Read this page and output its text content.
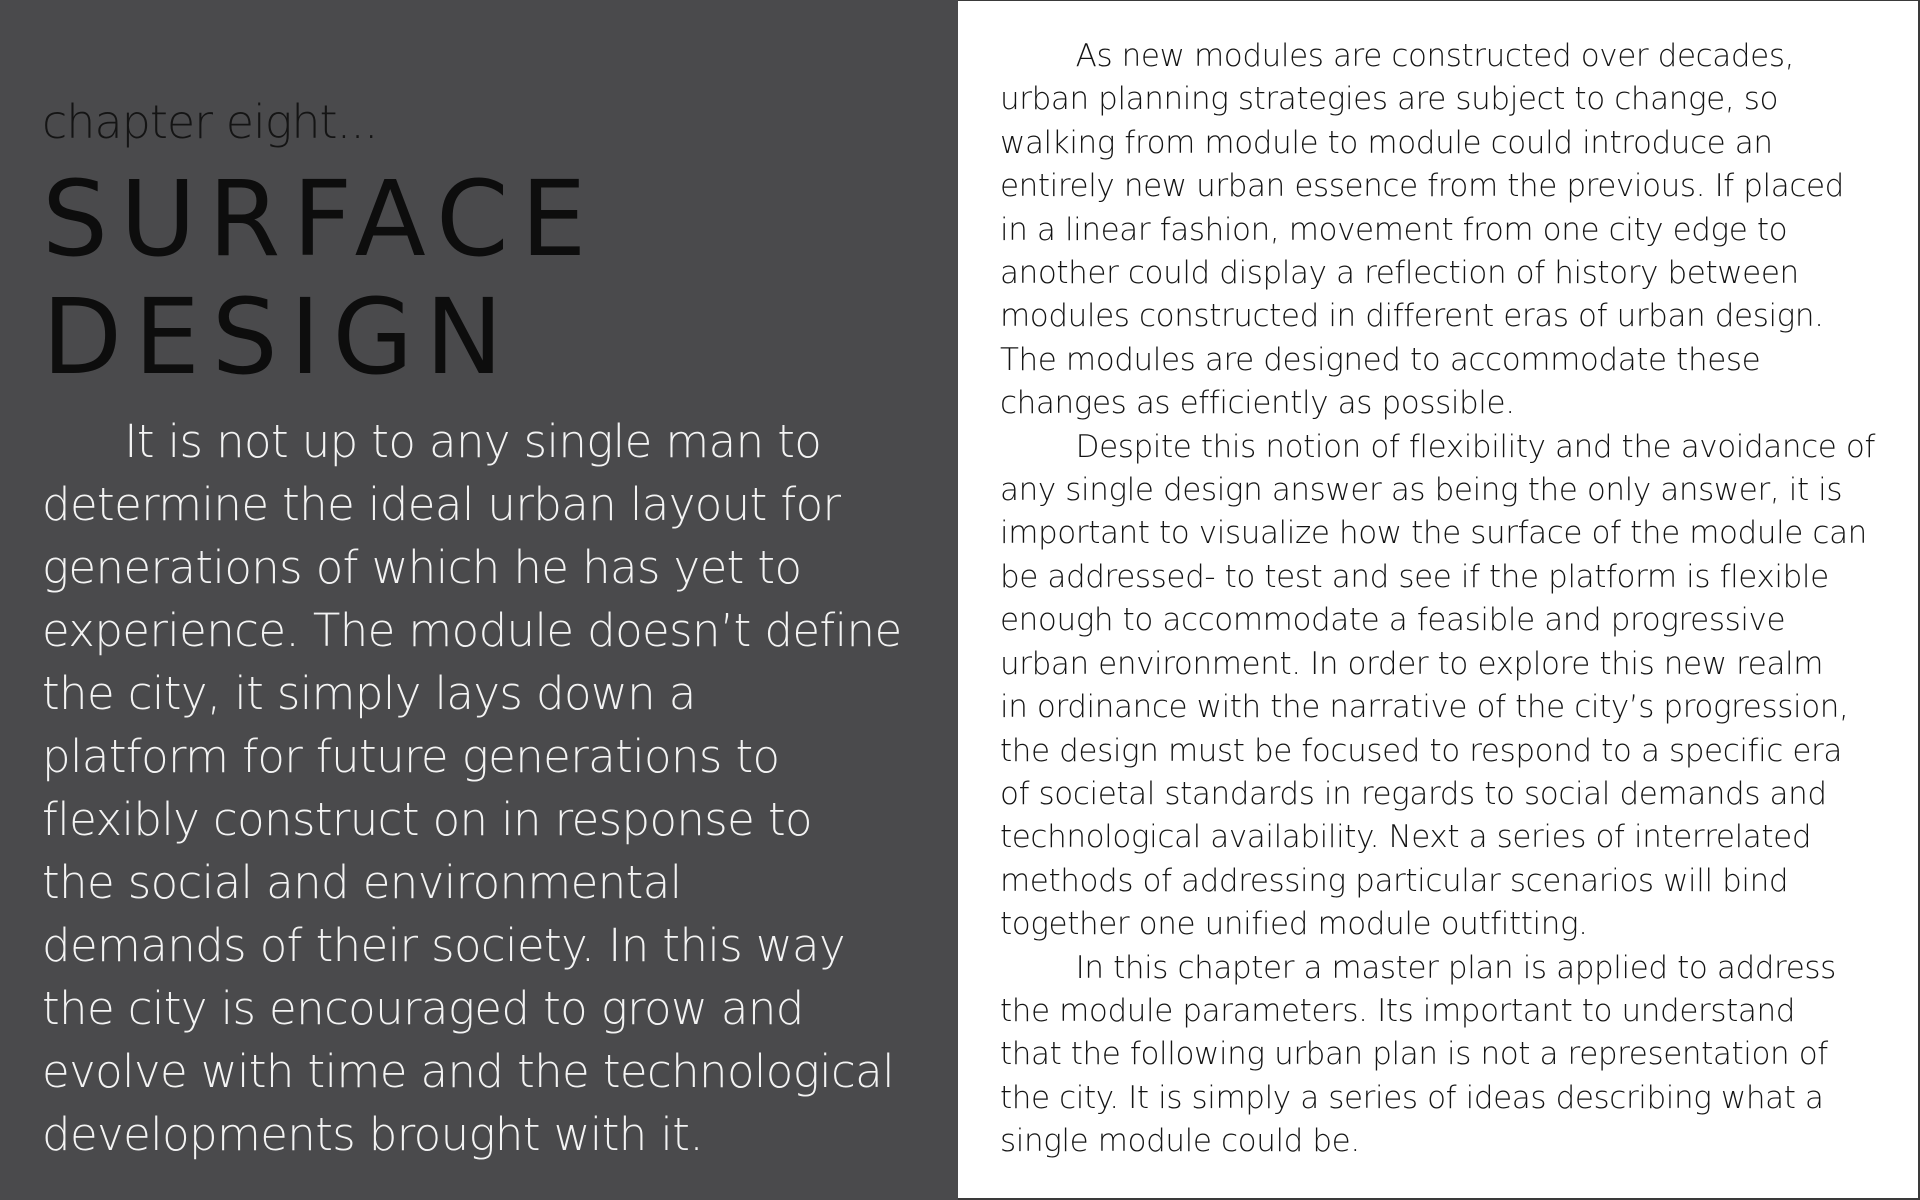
chapter eight...

SURFACE
DESIGN

It is not up to any single man to
determine the ideal urban layout for
generations of which he has yet to
experience. The module doesn’t define
the city, it simply lays down a
platform for future generations to
flexibly construct on in response to
the social and environmental
demands of their society. In this way
the city is encouraged to grow and
evolve with time and the technological
developments brought with it.

As new modules are constructed over decades,
urban planning strategies are subject to change, so
walking from module to module could introduce an
entirely new urban essence from the previous. If placed
in a linear fashion, movement from one city edge to
another could display a reflection of history between
modules constructed in different eras of urban design.
The modules are designed to accommodate these
changes as efficiently as possible.
Despite this notion of flexibility and the avoidance of
any single design answer as being the only answer, it is
important to visualize how the surface of the module can
be addressed- to test and see if the platform is flexible
enough to accommodate a feasible and progressive
urban environment. In order to explore this new realm
in ordinance with the narrative of the city’s progression,
the design must be focused to respond to a specific era
of societal standards in regards to social demands and
technological availability. Next a series of interrelated
methods of addressing particular scenarios will bind
together one unified module outfitting.
In this chapter a master plan is applied to address
the module parameters. Its important to understand
that the following urban plan is not a representation of
the city. It is simply a series of ideas describing what a
single module could be.
